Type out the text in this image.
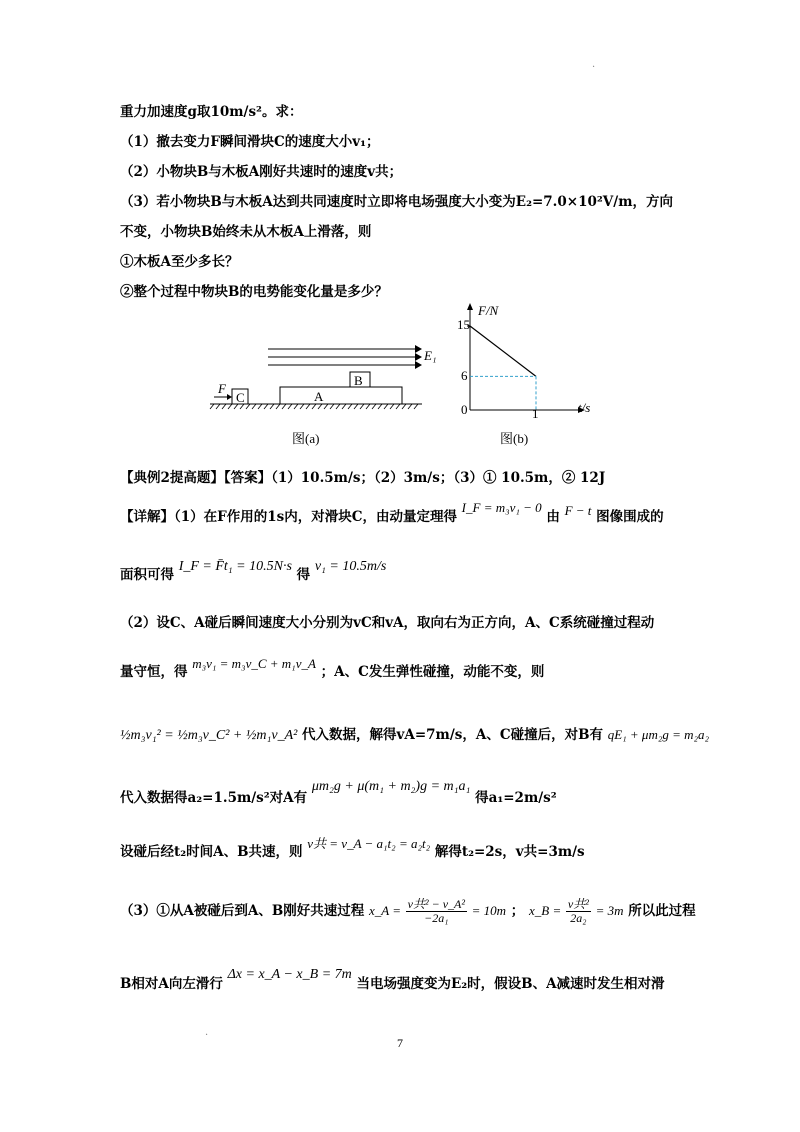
·
重力加速度g取10m/s²。求：
（1）撤去变力F瞬间滑块C的速度大小v₁；
（2）小物块B与木板A刚好共速时的速度v共；
（3）若小物块B与木板A达到共同速度时立即将电场强度大小变为E₂=7.0×10²V/m，方向
不变，小物块B始终未从木板A上滑落，则
①木板A至少多长？
②整个过程中物块B的电势能变化量是多少？
B
A
C
F
E₁
图(a)
F/N
t/s
15
6
0	1
图(b)
【典例2提高题】【答案】（1）10.5m/s；（2）3m/s；（3）① 10.5m，② 12J
【详解】（1）在F作用的1s内，对滑块C，由动量定理得 I_F = m₃v₁ − 0 由 F − t 图像围成的
面积可得 I_F = F̄t₁ = 10.5N·s 得 v₁ = 10.5m/s
（2）设C、A碰后瞬间速度大小分别为vC和vA，取向右为正方向，A、C系统碰撞过程动
量守恒，得 m₃v₁ = m₃v_C + m₁v_A ；A、C发生弹性碰撞，动能不变，则
½m₃v₁² = ½m₃v_C² + ½m₁v_A² 代入数据，解得vA=7m/s，A、C碰撞后，对B有 qE₁ + μm₂g = m₂a₂
代入数据得a₂=1.5m/s²对A有 μm₂g + μ(m₁ + m₂)g = m₁a₁ 得a₁=2m/s²
设碰后经t₂时间A、B共速，则 v共 = v_A − a₁t₂ = a₂t₂ 解得t₂=2s，v共=3m/s
（3）①从A被碰后到A、B刚好共速过程 x_A = $\frac{\text{v共² − v\_A²}}{\text{−2a₁}} = 10m$ ； x_B = $\frac{\text{v共²}}{\text{2a₂}} = 3m$ 所以此过程
B相对A向左滑行 Δx = x_A − x_B = 7m 当电场强度变为E₂时，假设B、A减速时发生相对滑
·
7
